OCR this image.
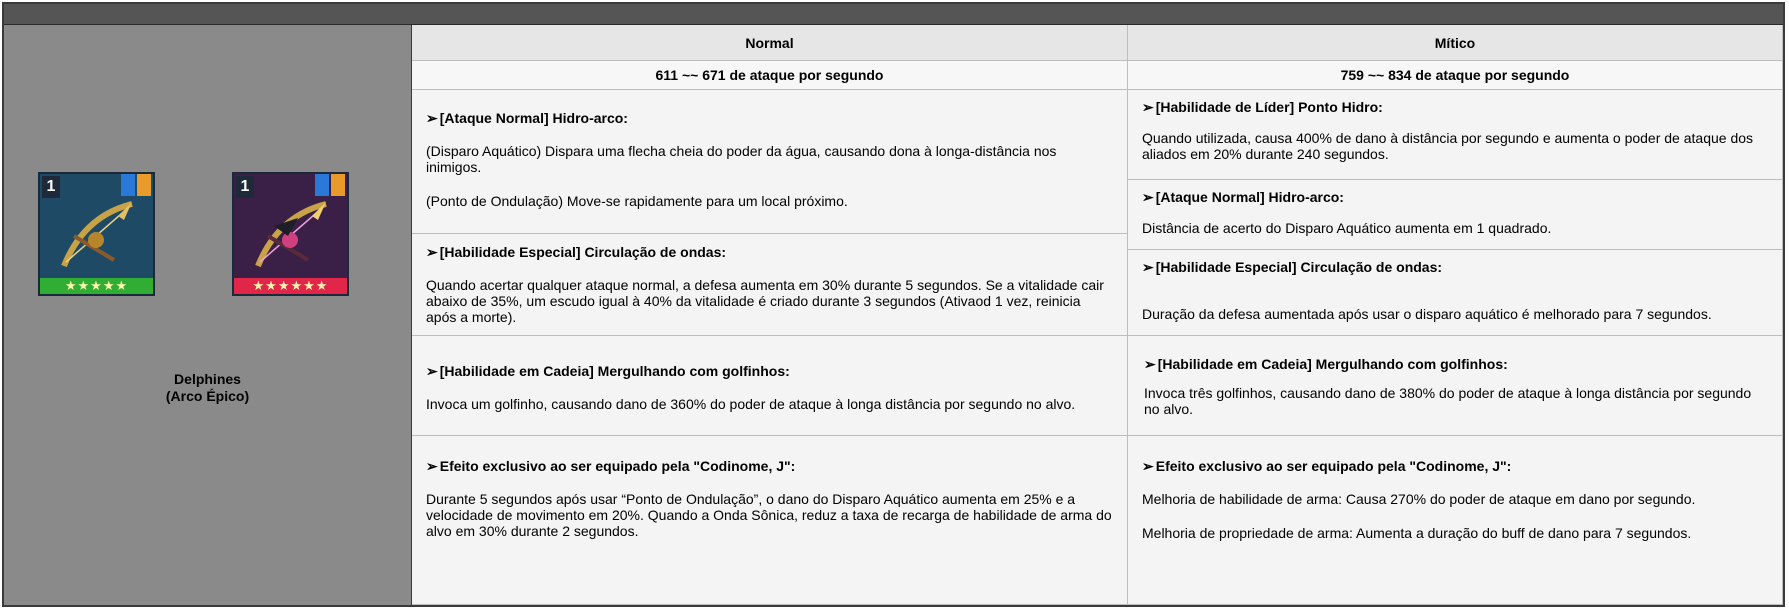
1
★★★★★
1
★★★★★★
Delphines
(Arco Épico)
Normal	Mítico
611 ~~ 671 de ataque por segundo	759 ~~ 834 de ataque por segundo
➢ [Ataque Normal] Hidro-arco:

(Disparo Aquático) Dispara uma flecha cheia do poder da água, causando dona à longa-distância nos inimigos.

(Ponto de Ondulação) Move-se rapidamente para um local próximo.

➢ [Habilidade Especial] Circulação de ondas:

Quando acertar qualquer ataque normal, a defesa aumenta em 30% durante 5 segundos. Se a vitalidade cair abaixo de 35%, um escudo igual à 40% da vitalidade é criado durante 3 segundos (Ativaod 1 vez, reinicia após a morte).

➢ [Habilidade em Cadeia] Mergulhando com golfinhos:

Invoca um golfinho, causando dano de 360% do poder de ataque à longa distância por segundo no alvo.

➢ Efeito exclusivo ao ser equipado pela "Codinome, J":

Durante 5 segundos após usar “Ponto de Ondulação”, o dano do Disparo Aquático aumenta em 25% e a velocidade de movimento em 20%. Quando a Onda Sônica, reduz a taxa de recarga de habilidade de arma do alvo em 30% durante 2 segundos.

➢ [Habilidade de Líder] Ponto Hidro:

Quando utilizada, causa 400% de dano à distância por segundo e aumenta o poder de ataque dos aliados em 20% durante 240 segundos.

➢ [Ataque Normal] Hidro-arco:

Distância de acerto do Disparo Aquático aumenta em 1 quadrado.

➢ [Habilidade Especial] Circulação de ondas:

Duração da defesa aumentada após usar o disparo aquático é melhorado para 7 segundos.

➢ [Habilidade em Cadeia] Mergulhando com golfinhos:

Invoca três golfinhos, causando dano de 380% do poder de ataque à longa distância por segundo no alvo.

➢ Efeito exclusivo ao ser equipado pela "Codinome, J":

Melhoria de habilidade de arma: Causa 270% do poder de ataque em dano por segundo.

Melhoria de propriedade de arma: Aumenta a duração do buff de dano para 7 segundos.
